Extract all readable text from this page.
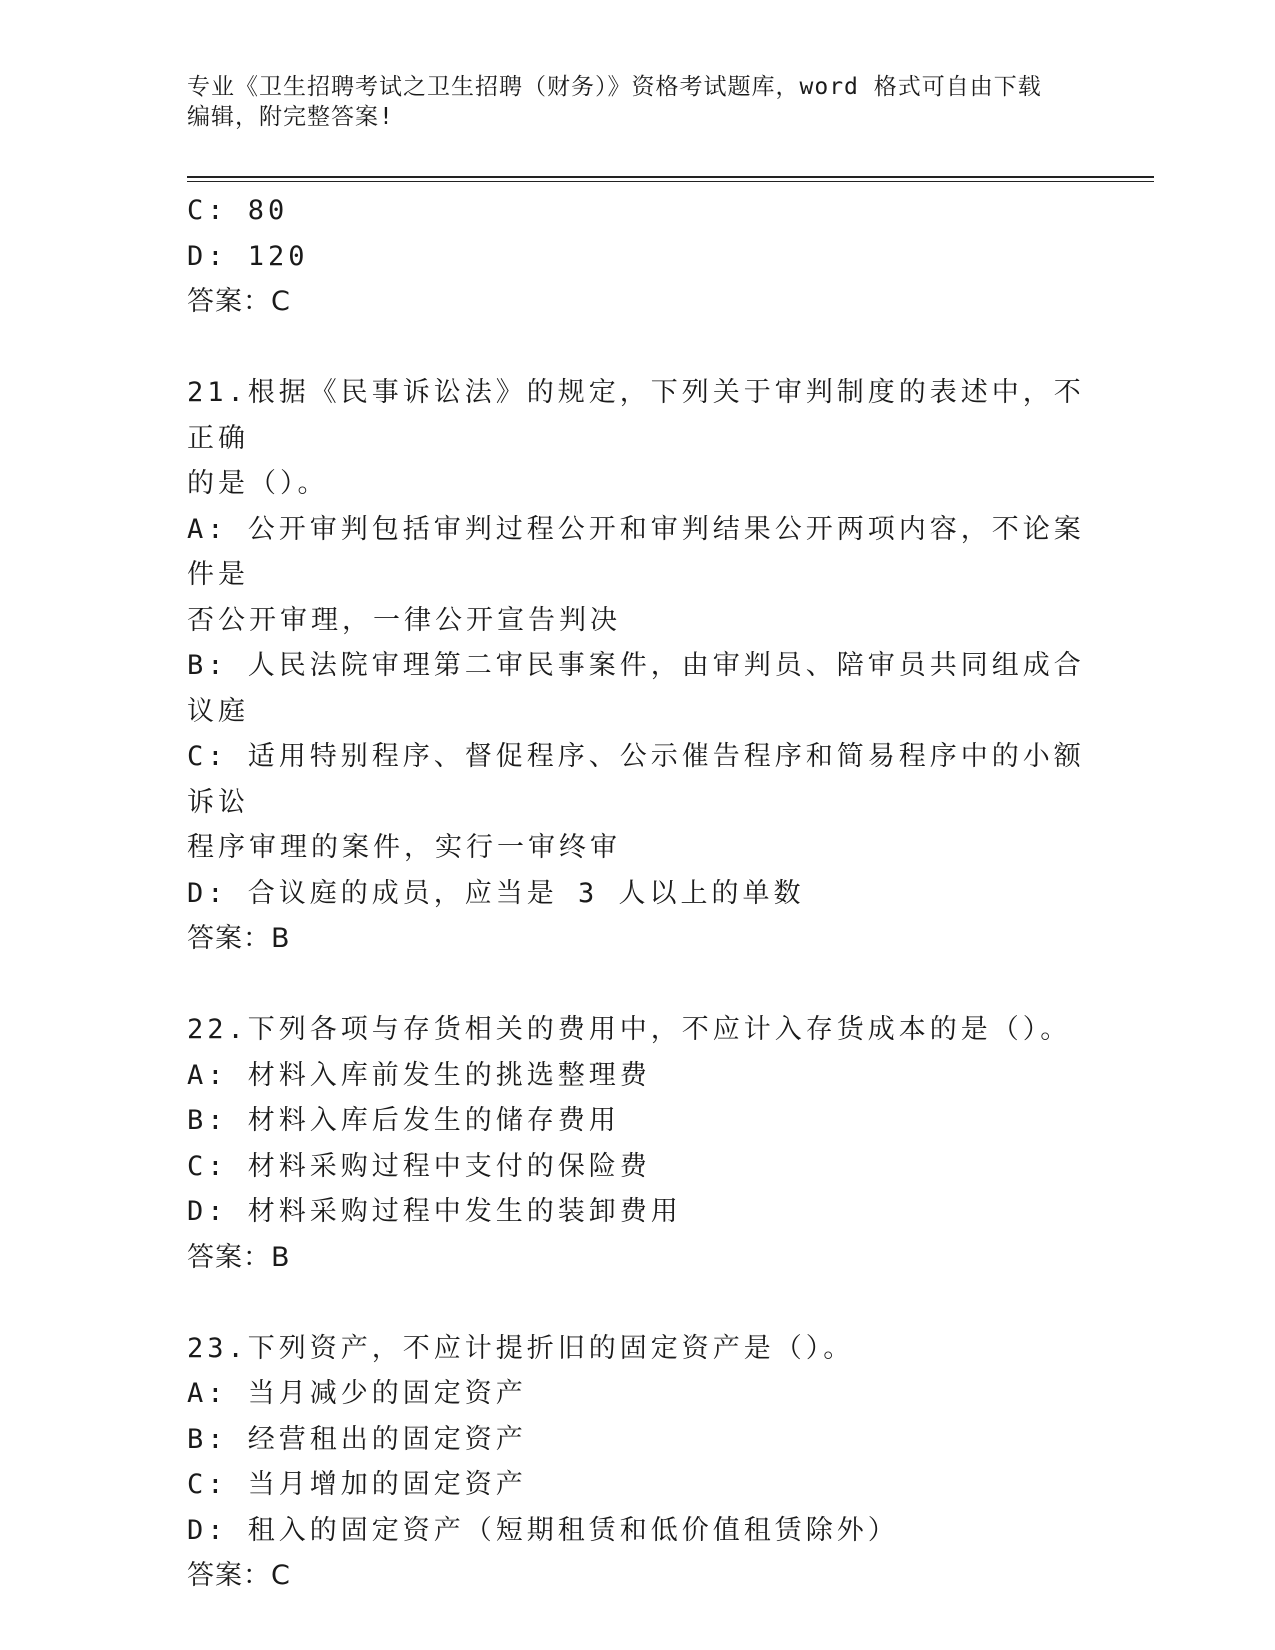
专业《卫生招聘考试之卫生招聘（财务）》资格考试题库，word 格式可自由下载
编辑，附完整答案!
C: 80
D: 120
答案：C
21.根据《民事诉讼法》的规定，下列关于审判制度的表述中，不正确
的是（）。
A: 公开审判包括审判过程公开和审判结果公开两项内容，不论案件是
否公开审理，一律公开宣告判决
B: 人民法院审理第二审民事案件，由审判员、陪审员共同组成合议庭
C: 适用特别程序、督促程序、公示催告程序和简易程序中的小额诉讼
程序审理的案件，实行一审终审
D: 合议庭的成员，应当是 3 人以上的单数
答案：B
22.下列各项与存货相关的费用中，不应计入存货成本的是（）。
A: 材料入库前发生的挑选整理费
B: 材料入库后发生的储存费用
C: 材料采购过程中支付的保险费
D: 材料采购过程中发生的装卸费用
答案：B
23.下列资产，不应计提折旧的固定资产是（）。
A: 当月减少的固定资产
B: 经营租出的固定资产
C: 当月增加的固定资产
D: 租入的固定资产（短期租赁和低价值租赁除外）
答案：C
